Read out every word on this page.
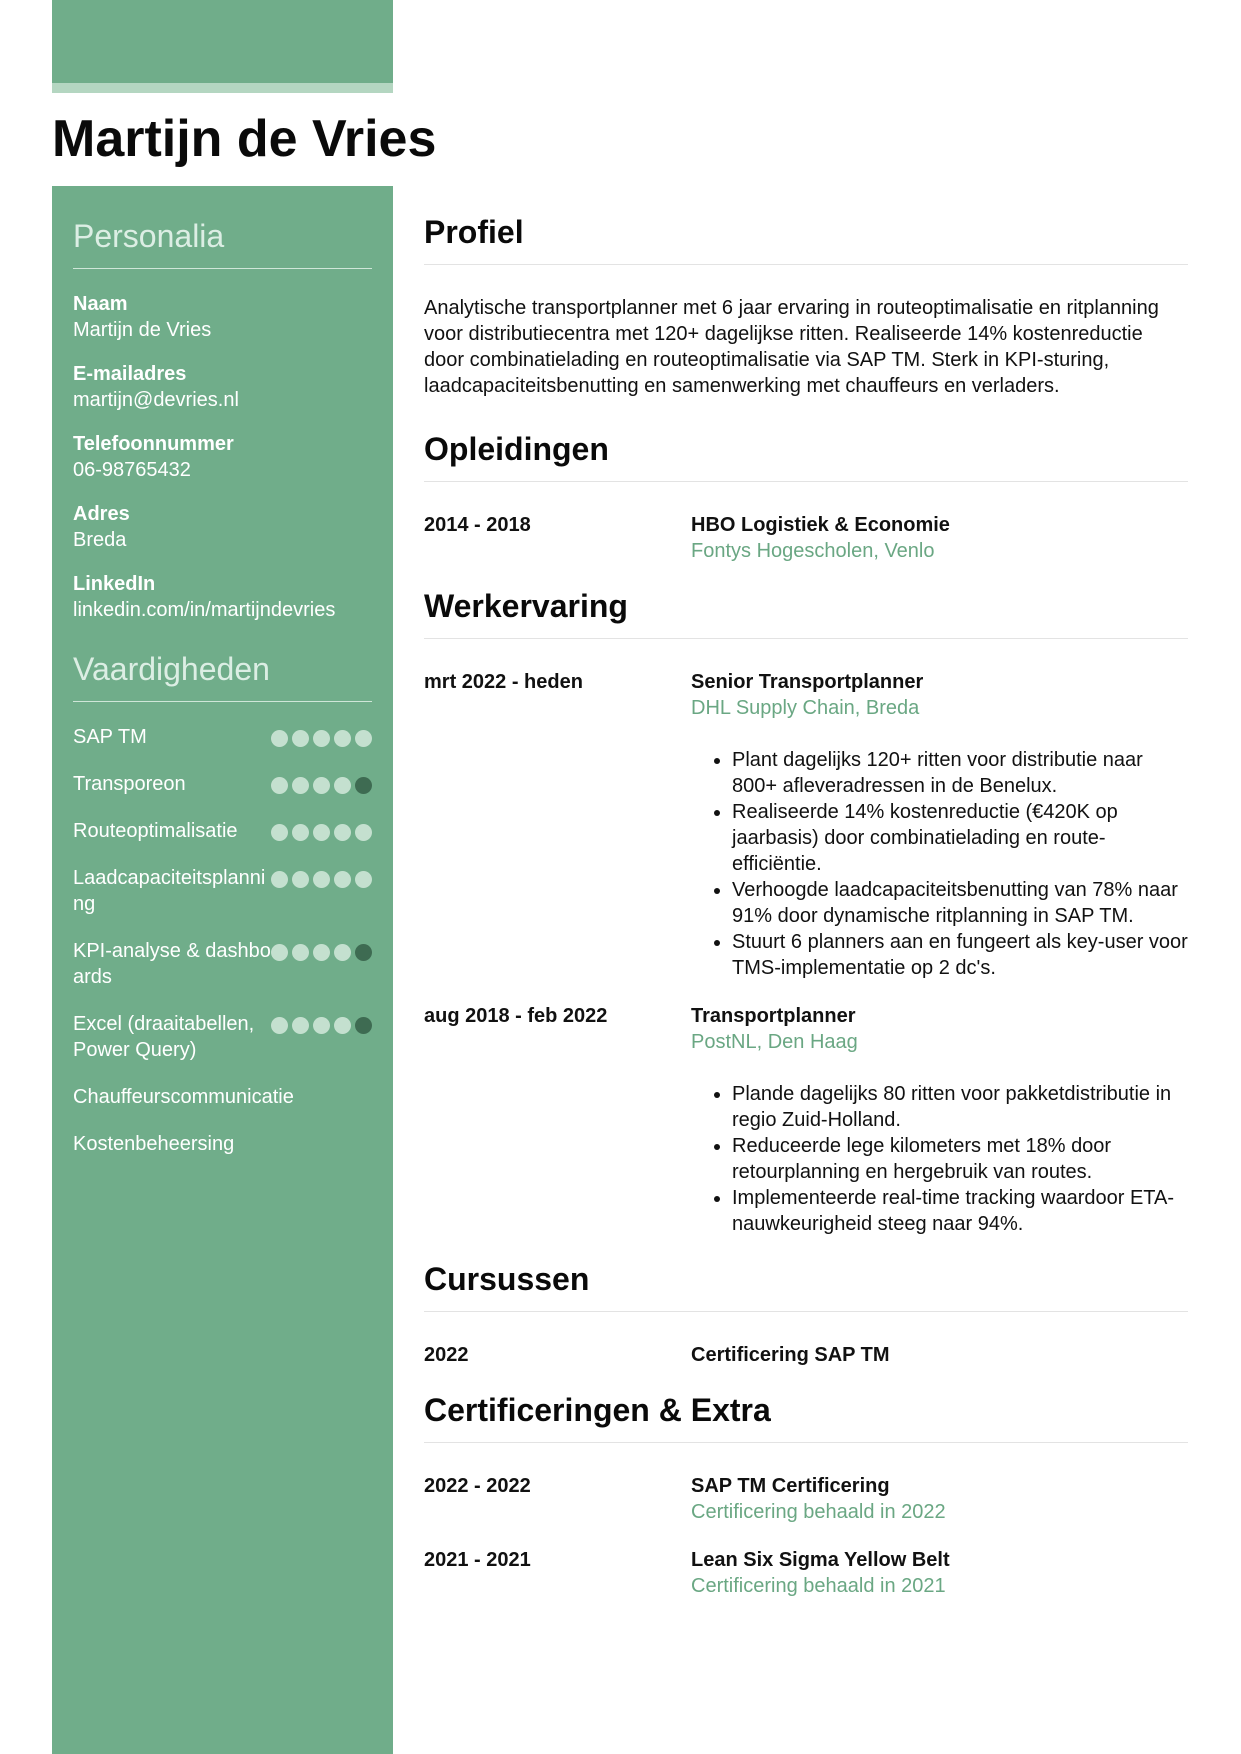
Martijn de Vries
Personalia
Naam
Martijn de Vries
E-mailadres
martijn@devries.nl
Telefoonnummer
06-98765432
Adres
Breda
LinkedIn
linkedin.com/in/martijndevries
Vaardigheden
SAP TM
Transporeon
Routeoptimalisatie
Laadcapaciteitsplanning
KPI-analyse & dashboards
Excel (draaitabellen, Power Query)
Chauffeurscommunicatie
Kostenbeheersing
Profiel

Analytische transportplanner met 6 jaar ervaring in routeoptimalisatie en ritplanning voor distributiecentra met 120+ dagelijkse ritten. Realiseerde 14% kostenreductie door combinatielading en routeoptimalisatie via SAP TM. Sterk in KPI-sturing, laadcapaciteitsbenutting en samenwerking met chauffeurs en verladers.

Opleidingen
2014 - 2018	HBO Logistiek & Economie
Fontys Hogescholen, Venlo
Werkervaring
mrt 2022 - heden	Senior Transportplanner
DHL Supply Chain, Breda
• Plant dagelijks 120+ ritten voor distributie naar 800+ afleveradressen in de Benelux.
• Realiseerde 14% kostenreductie (€420K op jaarbasis) door combinatielading en route-efficiëntie.
• Verhoogde laadcapaciteitsbenutting van 78% naar 91% door dynamische ritplanning in SAP TM.
• Stuurt 6 planners aan en fungeert als key-user voor TMS-implementatie op 2 dc's.
aug 2018 - feb 2022	Transportplanner
PostNL, Den Haag
• Plande dagelijks 80 ritten voor pakketdistributie in regio Zuid-Holland.
• Reduceerde lege kilometers met 18% door retourplanning en hergebruik van routes.
• Implementeerde real-time tracking waardoor ETA-nauwkeurigheid steeg naar 94%.
Cursussen
2022	Certificering SAP TM
Certificeringen & Extra
2022 - 2022	SAP TM Certificering
Certificering behaald in 2022
2021 - 2021	Lean Six Sigma Yellow Belt
Certificering behaald in 2021
